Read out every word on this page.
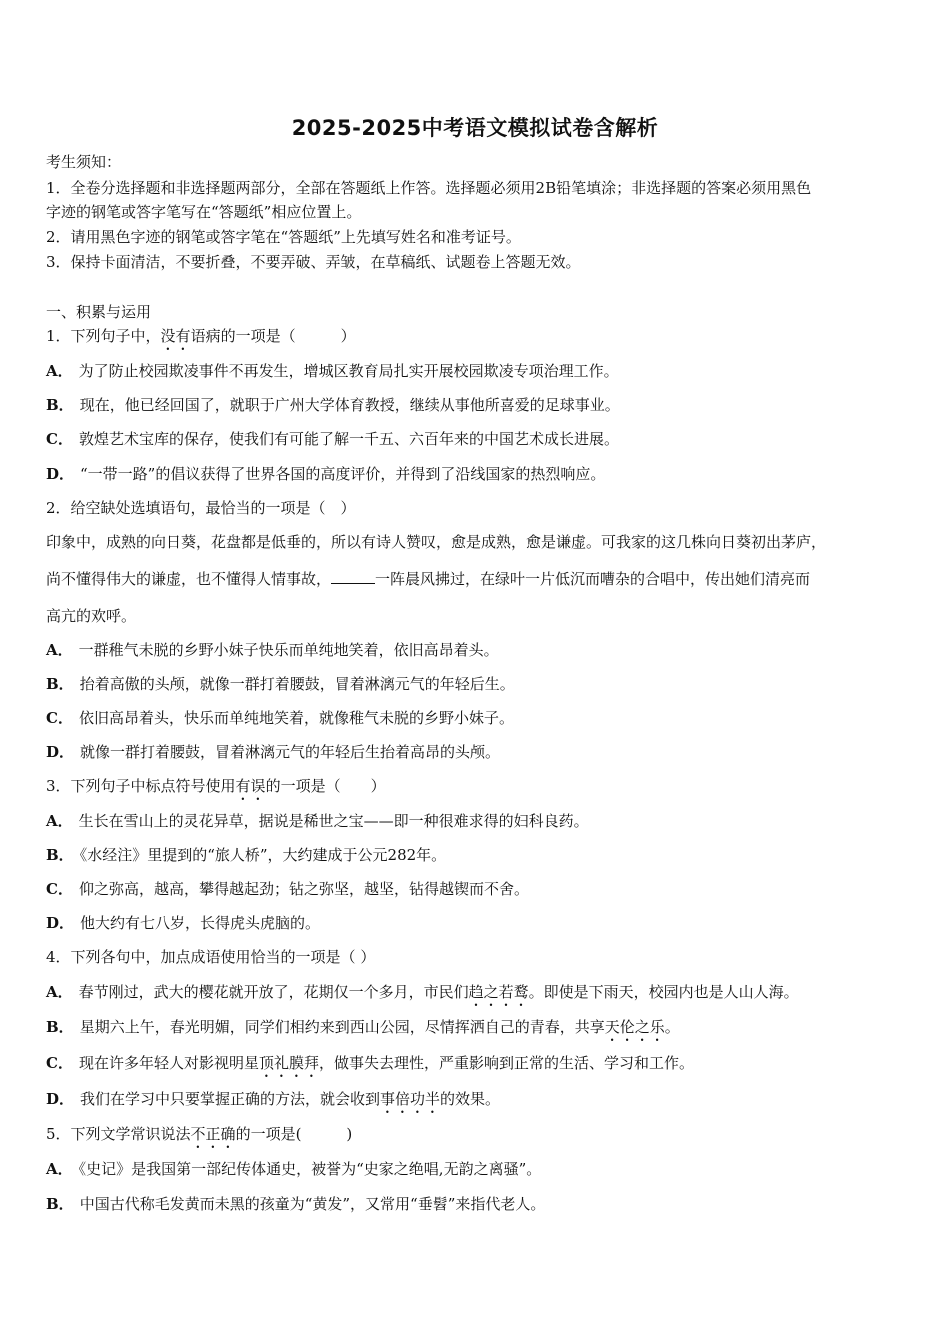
2025-2025中考语文模拟试卷含解析
考生须知：
1．全卷分选择题和非选择题两部分，全部在答题纸上作答。选择题必须用2B铅笔填涂；非选择题的答案必须用黑色
字迹的钢笔或答字笔写在“答题纸”相应位置上。
2．请用黑色字迹的钢笔或答字笔在“答题纸”上先填写姓名和准考证号。
3．保持卡面清洁，不要折叠，不要弄破、弄皱，在草稿纸、试题卷上答题无效。
一、积累与运用
1．下列句子中，没有语病的一项是（　　　）
A． 为了防止校园欺凌事件不再发生，增城区教育局扎实开展校园欺凌专项治理工作。
B． 现在，他已经回国了，就职于广州大学体育教授，继续从事他所喜爱的足球事业。
C． 敦煌艺术宝库的保存，使我们有可能了解一千五、六百年来的中国艺术成长进展。
D． “一带一路”的倡议获得了世界各国的高度评价，并得到了沿线国家的热烈响应。
2．给空缺处选填语句，最恰当的一项是（　）
印象中，成熟的向日葵，花盘都是低垂的，所以有诗人赞叹，愈是成熟，愈是谦虚。可我家的这几株向日葵初出茅庐，
尚不懂得伟大的谦虚，也不懂得人情事故，	一阵晨风拂过，在绿叶一片低沉而嘈杂的合唱中，传出她们清亮而
高亢的欢呼。
A． 一群稚气未脱的乡野小妹子快乐而单纯地笑着，依旧高昂着头。
B． 抬着高傲的头颅，就像一群打着腰鼓，冒着淋漓元气的年轻后生。
C． 依旧高昂着头，快乐而单纯地笑着，就像稚气未脱的乡野小妹子。
D． 就像一群打着腰鼓，冒着淋漓元气的年轻后生抬着高昂的头颅。
3．下列句子中标点符号使用有误的一项是（　　）
A． 生长在雪山上的灵花异草，据说是稀世之宝——即一种很难求得的妇科良药。
B． 《水经注》里提到的“旅人桥”，大约建成于公元282年。
C． 仰之弥高，越高，攀得越起劲；钻之弥坚，越坚，钻得越锲而不舍。
D． 他大约有七八岁，长得虎头虎脑的。
4．下列各句中，加点成语使用恰当的一项是（ ）
A． 春节刚过，武大的樱花就开放了，花期仅一个多月，市民们趋之若鹜。即使是下雨天，校园内也是人山人海。
B． 星期六上午，春光明媚，同学们相约来到西山公园，尽情挥洒自己的青春，共享天伦之乐。
C． 现在许多年轻人对影视明星顶礼膜拜，做事失去理性，严重影响到正常的生活、学习和工作。
D． 我们在学习中只要掌握正确的方法，就会收到事倍功半的效果。
5．下列文学常识说法不正确的一项是(　　　)
A． 《史记》是我国第一部纪传体通史，被誉为“史家之绝唱,无韵之离骚”。
B． 中国古代称毛发黄而未黑的孩童为“黄发”，又常用“垂髫”来指代老人。
